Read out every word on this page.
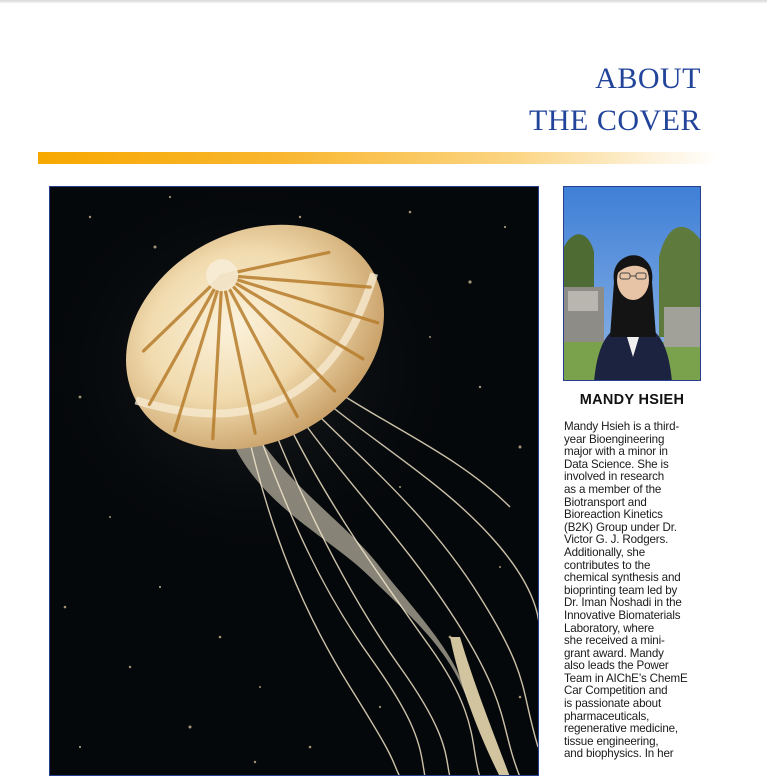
ABOUT
THE COVER
MANDY HSIEH
Mandy Hsieh is a third-
year Bioengineering
major with a minor in
Data Science. She is
involved in research
as a member of the
Biotransport and
Bioreaction Kinetics
(B2K) Group under Dr.
Victor G. J. Rodgers.
Additionally, she
contributes to the
chemical synthesis and
bioprinting team led by
Dr. Iman Noshadi in the
Innovative Biomaterials
Laboratory, where
she received a mini-
grant award. Mandy
also leads the Power
Team in AIChE’s ChemE
Car Competition and
is passionate about
pharmaceuticals,
regenerative medicine,
tissue engineering,
and biophysics. In her
